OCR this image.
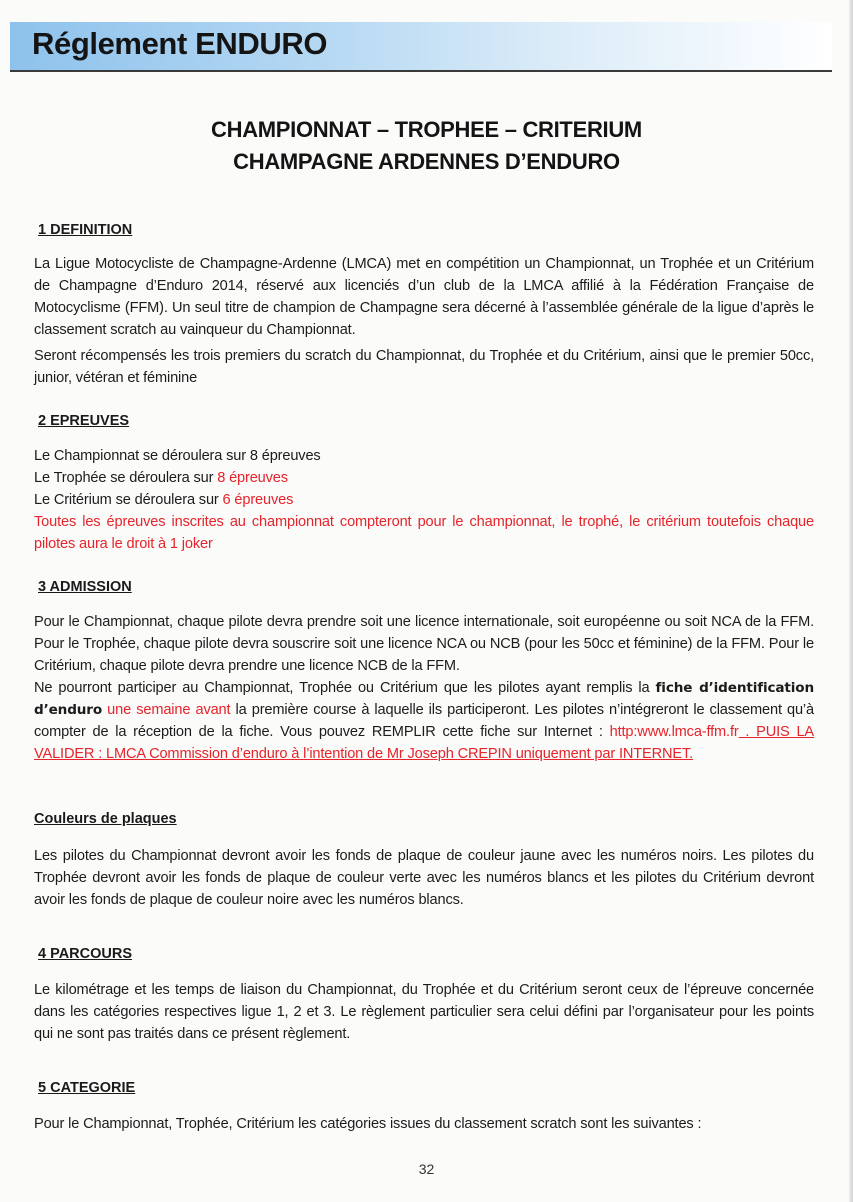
Réglement ENDURO
CHAMPIONNAT – TROPHEE – CRITERIUM
CHAMPAGNE ARDENNES D’ENDURO
1 DEFINITION
La Ligue Motocycliste de Champagne-Ardenne (LMCA) met en compétition un Championnat, un Trophée et un Critérium de Champagne d’Enduro 2014, réservé aux licenciés d’un club de la LMCA affilié à la Fédération Française de Motocyclisme (FFM). Un seul titre de champion de Champagne sera décerné à l’assemblée générale de la ligue d’après le classement scratch au vainqueur du Championnat.
Seront récompensés les trois premiers du scratch du Championnat, du Trophée et du Critérium, ainsi que le premier 50cc, junior, vétéran et féminine
2 EPREUVES
Le Championnat se déroulera sur 8 épreuves
Le Trophée se déroulera sur 8 épreuves
Le Critérium se déroulera sur 6 épreuves
Toutes les épreuves inscrites au championnat compteront pour le championnat, le trophé, le critérium toutefois chaque pilotes aura le droit à 1 joker
3 ADMISSION
Pour le Championnat, chaque pilote devra prendre soit une licence internationale, soit européenne ou soit NCA de la FFM. Pour le Trophée, chaque pilote devra souscrire soit une licence NCA ou NCB (pour les 50cc et féminine) de la FFM. Pour le Critérium, chaque pilote devra prendre une licence NCB de la FFM.
Ne pourront participer au Championnat, Trophée ou Critérium que les pilotes ayant remplis la fiche d’identification d’enduro une semaine avant la première course à laquelle ils participeront. Les pilotes n’intégreront le classement qu’à compter de la réception de la fiche. Vous pouvez REMPLIR cette fiche sur Internet : http:www.lmca-ffm.fr . PUIS LA VALIDER : LMCA Commission d’enduro à l’intention de Mr Joseph CREPIN uniquement par INTERNET.
Couleurs de plaques
Les pilotes du Championnat devront avoir les fonds de plaque de couleur jaune avec les numéros noirs. Les pilotes du Trophée devront avoir les fonds de plaque de couleur verte avec les numéros blancs et les pilotes du Critérium devront avoir les fonds de plaque de couleur noire avec les numéros blancs.
4 PARCOURS
Le kilométrage et les temps de liaison du Championnat, du Trophée et du Critérium seront ceux de l’épreuve concernée dans les catégories respectives ligue 1, 2 et 3. Le règlement particulier sera celui défini par l’organisateur pour les points qui ne sont pas traités dans ce présent règlement.
5 CATEGORIE
Pour le Championnat, Trophée, Critérium les catégories issues du classement scratch sont les suivantes :
32
